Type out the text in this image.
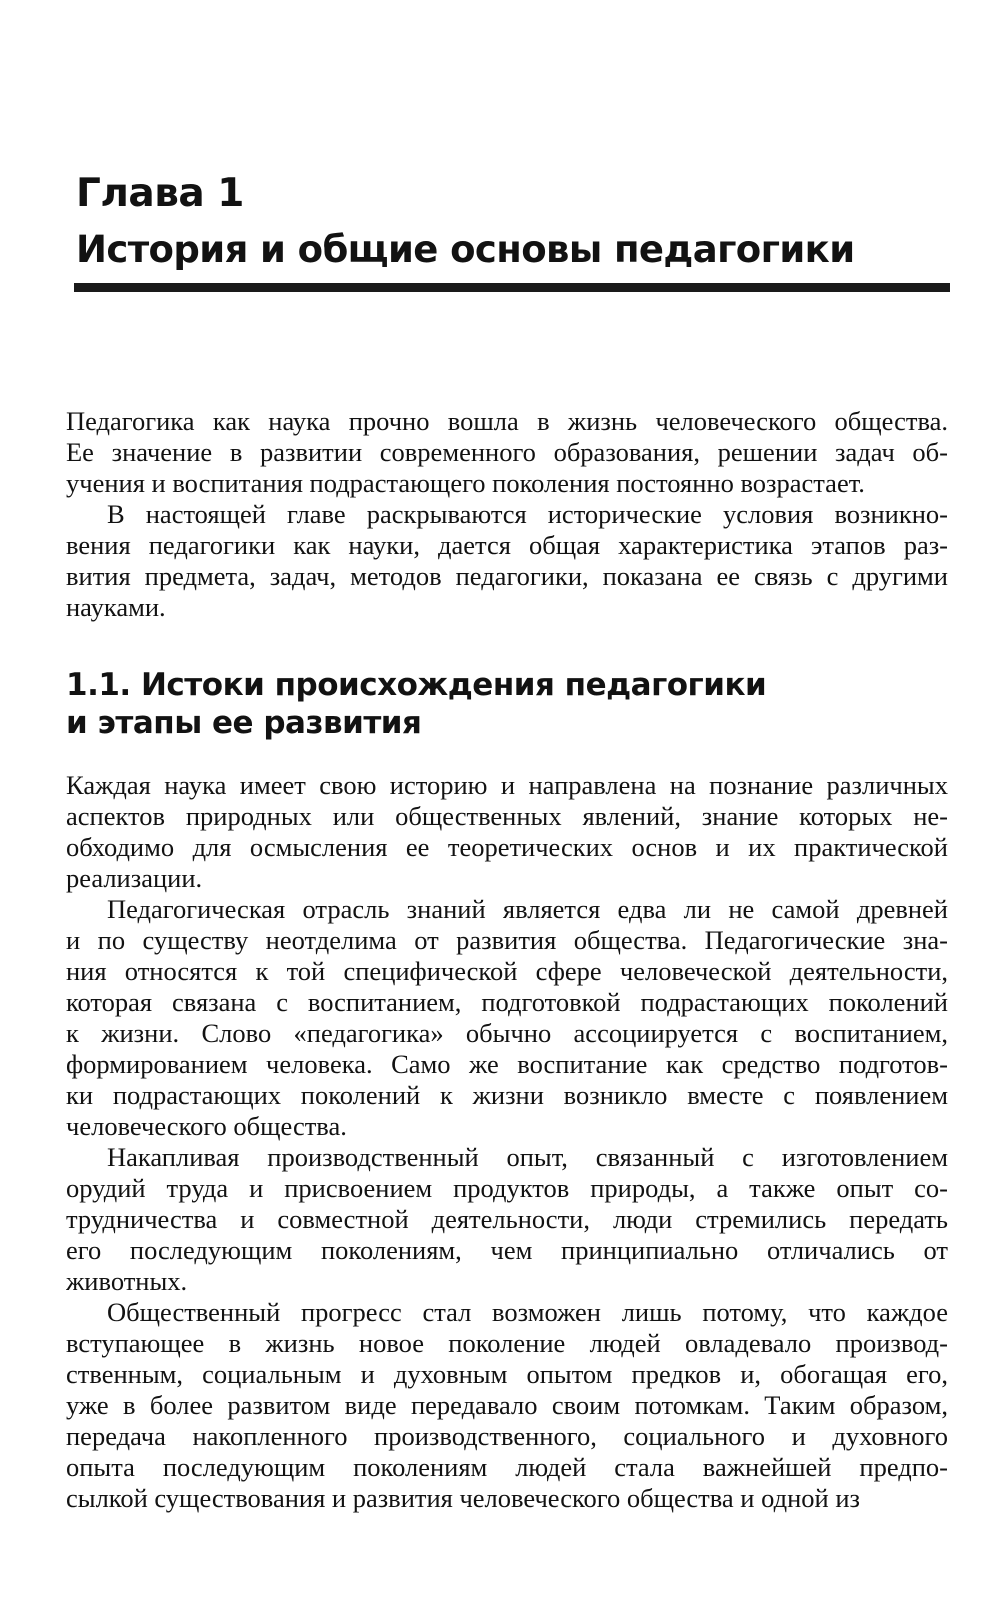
Глава 1
История и общие основы педагогики

Педагогика как наука прочно вошла в жизнь человеческого общества.
Ее значение в развитии современного образования, решении задач об-
учения и воспитания подрастающего поколения постоянно возрастает.

В настоящей главе раскрываются исторические условия возникно-
вения педагогики как науки, дается общая характеристика этапов раз-
вития предмета, задач, методов педагогики, показана ее связь с другими
науками.

1.1. Истоки происхождения педагогики
и этапы ее развития

Каждая наука имеет свою историю и направлена на познание различных
аспектов природных или общественных явлений, знание которых не-
обходимо для осмысления ее теоретических основ и их практической
реализации.

Педагогическая отрасль знаний является едва ли не самой древней
и по существу неотделима от развития общества. Педагогические зна-
ния относятся к той специфической сфере человеческой деятельности,
которая связана с воспитанием, подготовкой подрастающих поколений
к жизни. Слово «педагогика» обычно ассоциируется с воспитанием,
формированием человека. Само же воспитание как средство подготов-
ки подрастающих поколений к жизни возникло вместе с появлением
человеческого общества.

Накапливая производственный опыт, связанный с изготовлением
орудий труда и присвоением продуктов природы, а также опыт со-
трудничества и совместной деятельности, люди стремились передать
его последующим поколениям, чем принципиально отличались от
животных.

Общественный прогресс стал возможен лишь потому, что каждое
вступающее в жизнь новое поколение людей овладевало производ-
ственным, социальным и духовным опытом предков и, обогащая его,
уже в более развитом виде передавало своим потомкам. Таким образом,
передача накопленного производственного, социального и духовного
опыта последующим поколениям людей стала важнейшей предпо-
сылкой существования и развития человеческого общества и одной из
